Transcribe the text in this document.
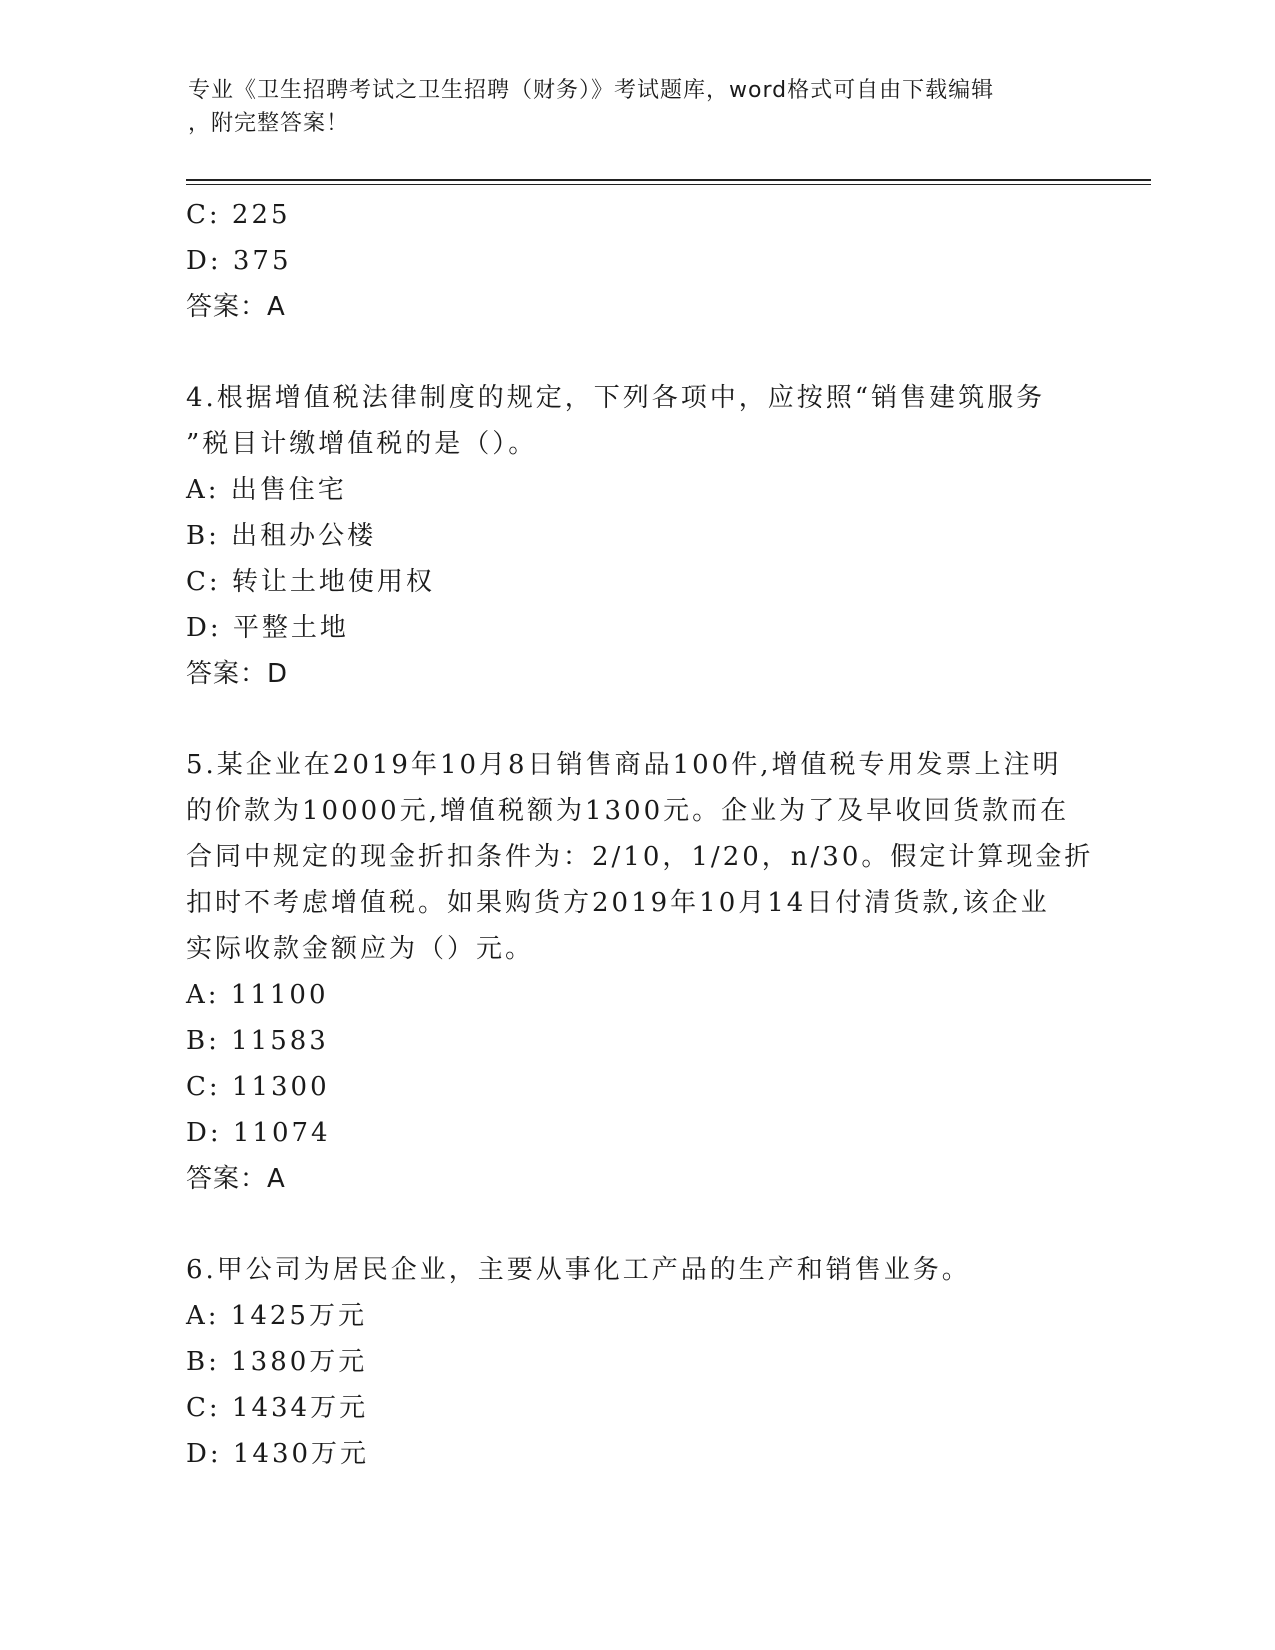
专业《卫生招聘考试之卫生招聘（财务）》考试题库，word格式可自由下载编辑
，附完整答案！
C: 225
D: 375
答案：A
4.根据增值税法律制度的规定，下列各项中，应按照“销售建筑服务
”税目计缴增值税的是（）。
A: 出售住宅
B: 出租办公楼
C: 转让土地使用权
D: 平整土地
答案：D
5.某企业在2019年10月8日销售商品100件,增值税专用发票上注明
的价款为10000元,增值税额为1300元。企业为了及早收回货款而在
合同中规定的现金折扣条件为：2/10，1/20，n/30。假定计算现金折
扣时不考虑增值税。如果购货方2019年10月14日付清货款,该企业
实际收款金额应为（）元。
A: 11100
B: 11583
C: 11300
D: 11074
答案：A
6.甲公司为居民企业，主要从事化工产品的生产和销售业务。
A: 1425万元
B: 1380万元
C: 1434万元
D: 1430万元
